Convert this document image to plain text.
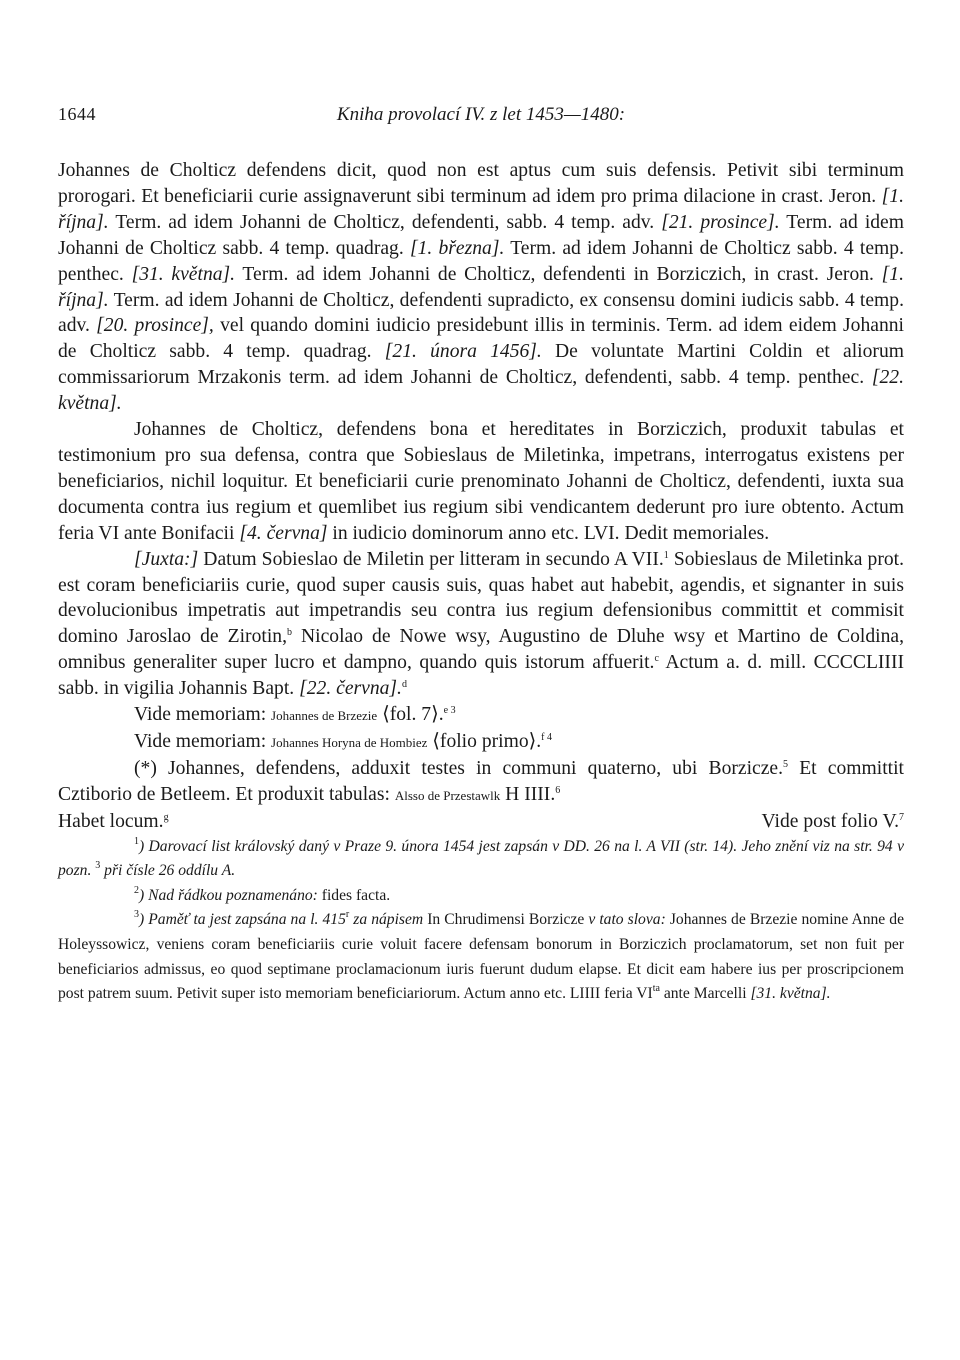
1644	Kniha provolací IV. z let 1453—1480:

Johannes de Cholticz defendens dicit, quod non est aptus cum suis defensis. Petivit sibi terminum prorogari. Et beneficiarii curie assignaverunt sibi terminum ad idem pro prima dilacione in crast. Jeron. [1. října]. Term. ad idem Johanni de Cholticz, defendenti, sabb. 4 temp. adv. [21. prosince]. Term. ad idem Johanni de Cholticz sabb. 4 temp. quadrag. [1. března]. Term. ad idem Johanni de Cholticz sabb. 4 temp. penthec. [31. května]. Term. ad idem Johanni de Cholticz, defendenti in Borziczich, in crast. Jeron. [1. října]. Term. ad idem Johanni de Cholticz, defendenti supradicto, ex consensu domini iudicis sabb. 4 temp. adv. [20. prosince], vel quando domini iudicio presidebunt illis in terminis. Term. ad idem eidem Johanni de Cholticz sabb. 4 temp. quadrag. [21. února 1456]. De voluntate Martini Coldin et aliorum commissariorum Mrzakonis term. ad idem Johanni de Cholticz, defendenti, sabb. 4 temp. penthec. [22. května].

Johannes de Cholticz, defendens bona et hereditates in Borziczich, produxit tabulas et testimonium pro sua defensa, contra que Sobieslaus de Miletinka, impetrans, interrogatus existens per beneficiarios, nichil loquitur. Et beneficiarii curie prenominato Johanni de Cholticz, defendenti, iuxta sua documenta contra ius regium et quemlibet ius regium sibi vendicantem dederunt pro iure obtento. Actum feria VI ante Bonifacii [4. června] in iudicio dominorum anno etc. LVI. Dedit memoriales.

[Juxta:] Datum Sobieslao de Miletin per litteram in secundo A VII.$^1$ Sobieslaus de Miletinka prot. est coram beneficiariis curie, quod super causis suis, quas habet aut habebit, agendis, et signanter in suis devolucionibus impetratis aut impetrandis seu contra ius regium defensionibus committit et commisit domino Jaroslao de Zirotin,$^b$ Nicolao de Nowe wsy, Augustino de Dluhe wsy et Martino de Coldina, omnibus generaliter super lucro et dampno, quando quis istorum affuerit.$^c$ Actum a. d. mill. CCCCLIIII sabb. in vigilia Johannis Bapt. [22. června].$^d$

Vide memoriam: Johannes de Brzezie ⟨fol. 7⟩.$^{e 3}$

Vide memoriam: Johannes Horyna de Hombiez ⟨folio primo⟩.$^{f 4}$

(*) Johannes, defendens, adduxit testes in communi quaterno, ubi Borzicze.$^5$ Et committit Cztiborio de Betleem. Et produxit tabulas: Alsso de Przestawlk H IIII.$^6$

Habet locum.$^g$	Vide post folio V.$^7$

$^1$) Darovací list královský daný v Praze 9. února 1454 jest zapsán v DD. 26 na l. A VII (str. 14). Jeho znění viz na str. 94 v pozn. $^3$ při čísle 26 oddílu A.

$^2$) Nad řádkou poznamenáno: fides facta.

$^3$) Paměť ta jest zapsána na l. 415$^r$ za nápisem In Chrudimensi Borzicze v tato slova: Johannes de Brzezie nomine Anne de Holeyssowicz, veniens coram beneficiariis curie voluit facere defensam bonorum in Borziczich proclamatorum, set non fuit per beneficiarios admissus, eo quod septimane proclamacionum iuris fuerunt dudum elapse. Et dicit eam habere ius per proscripcionem post patrem suum. Petivit super isto memoriam beneficiariorum. Actum anno etc. LIIII feria $VI^{ta}$ ante Marcelli [31. května].
